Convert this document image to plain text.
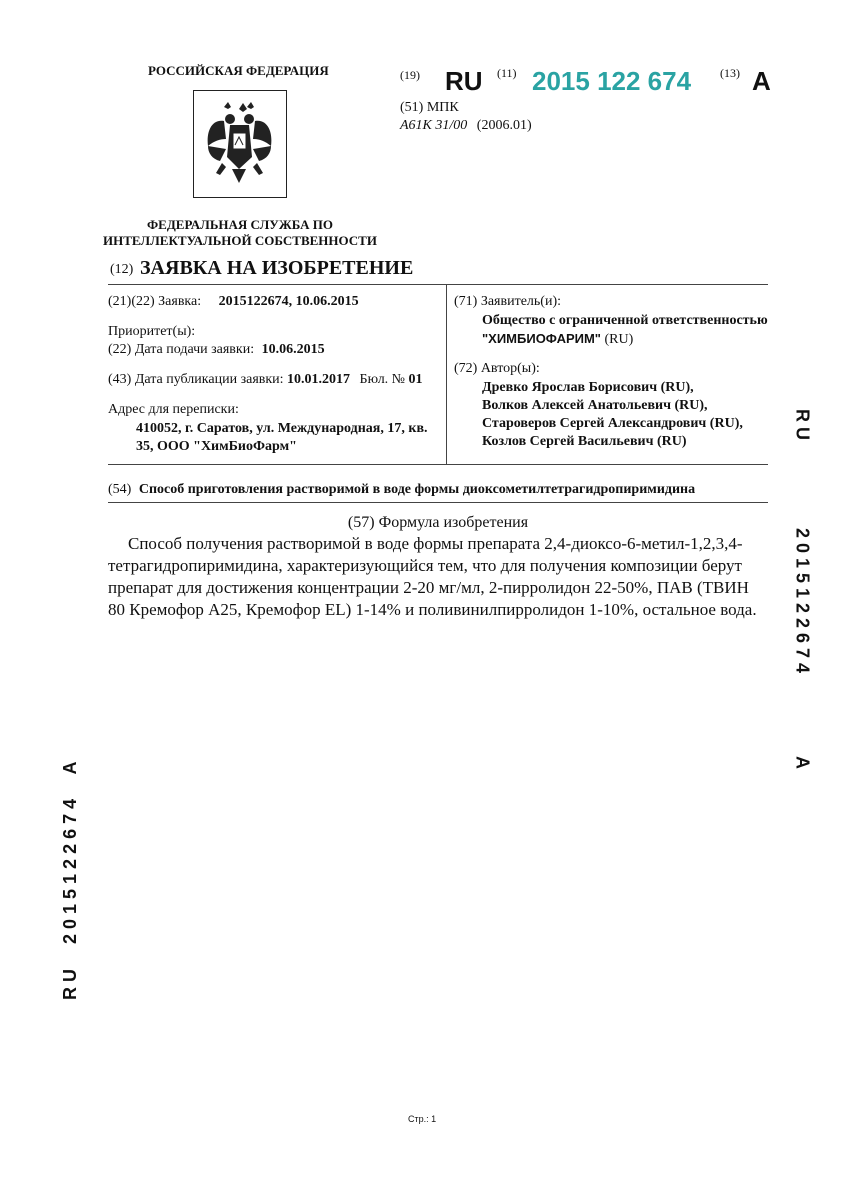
РОССИЙСКАЯ ФЕДЕРАЦИЯ
ФЕДЕРАЛЬНАЯ СЛУЖБА ПО ИНТЕЛЛЕКТУАЛЬНОЙ СОБСТВЕННОСТИ
(19) RU (11) 2015 122 674 (13) A
(51) МПК
A61K 31/00 (2006.01)
(12) ЗАЯВКА НА ИЗОБРЕТЕНИЕ
(21)(22) Заявка: 2015122674, 10.06.2015
Приоритет(ы):
(22) Дата подачи заявки: 10.06.2015
(43) Дата публикации заявки: 10.01.2017 Бюл. № 01
Адрес для переписки:
410052, г. Саратов, ул. Международная, 17, кв.
35, ООО "ХимБиоФарм"
(71) Заявитель(и):
Общество с ограниченной ответственностью
"ХИМБИОФАРИМ" (RU)
(72) Автор(ы):
Древко Ярослав Борисович (RU),
Волков Алексей Анатольевич (RU),
Староверов Сергей Александрович (RU),
Козлов Сергей Васильевич (RU)
(54) Способ приготовления растворимой в воде формы диоксометилтетрагидропиримидина
(57) Формула изобретения
Способ получения растворимой в воде формы препарата 2,4-диоксо-6-метил-1,2,3,4-тетрагидропиримидина, характеризующийся тем, что для получения композиции берут препарат для достижения концентрации 2-20 мг/мл, 2-пирролидон 22-50%, ПАВ (ТВИН 80 Кремофор А25, Кремофор EL) 1-14% и поливинилпирролидон 1-10%, остальное вода.
R U
2 0 1 5 1 2 2 6 7 4
A
R U     2 0 1 5 1 2 2 6 7 4     A
Стр.: 1
